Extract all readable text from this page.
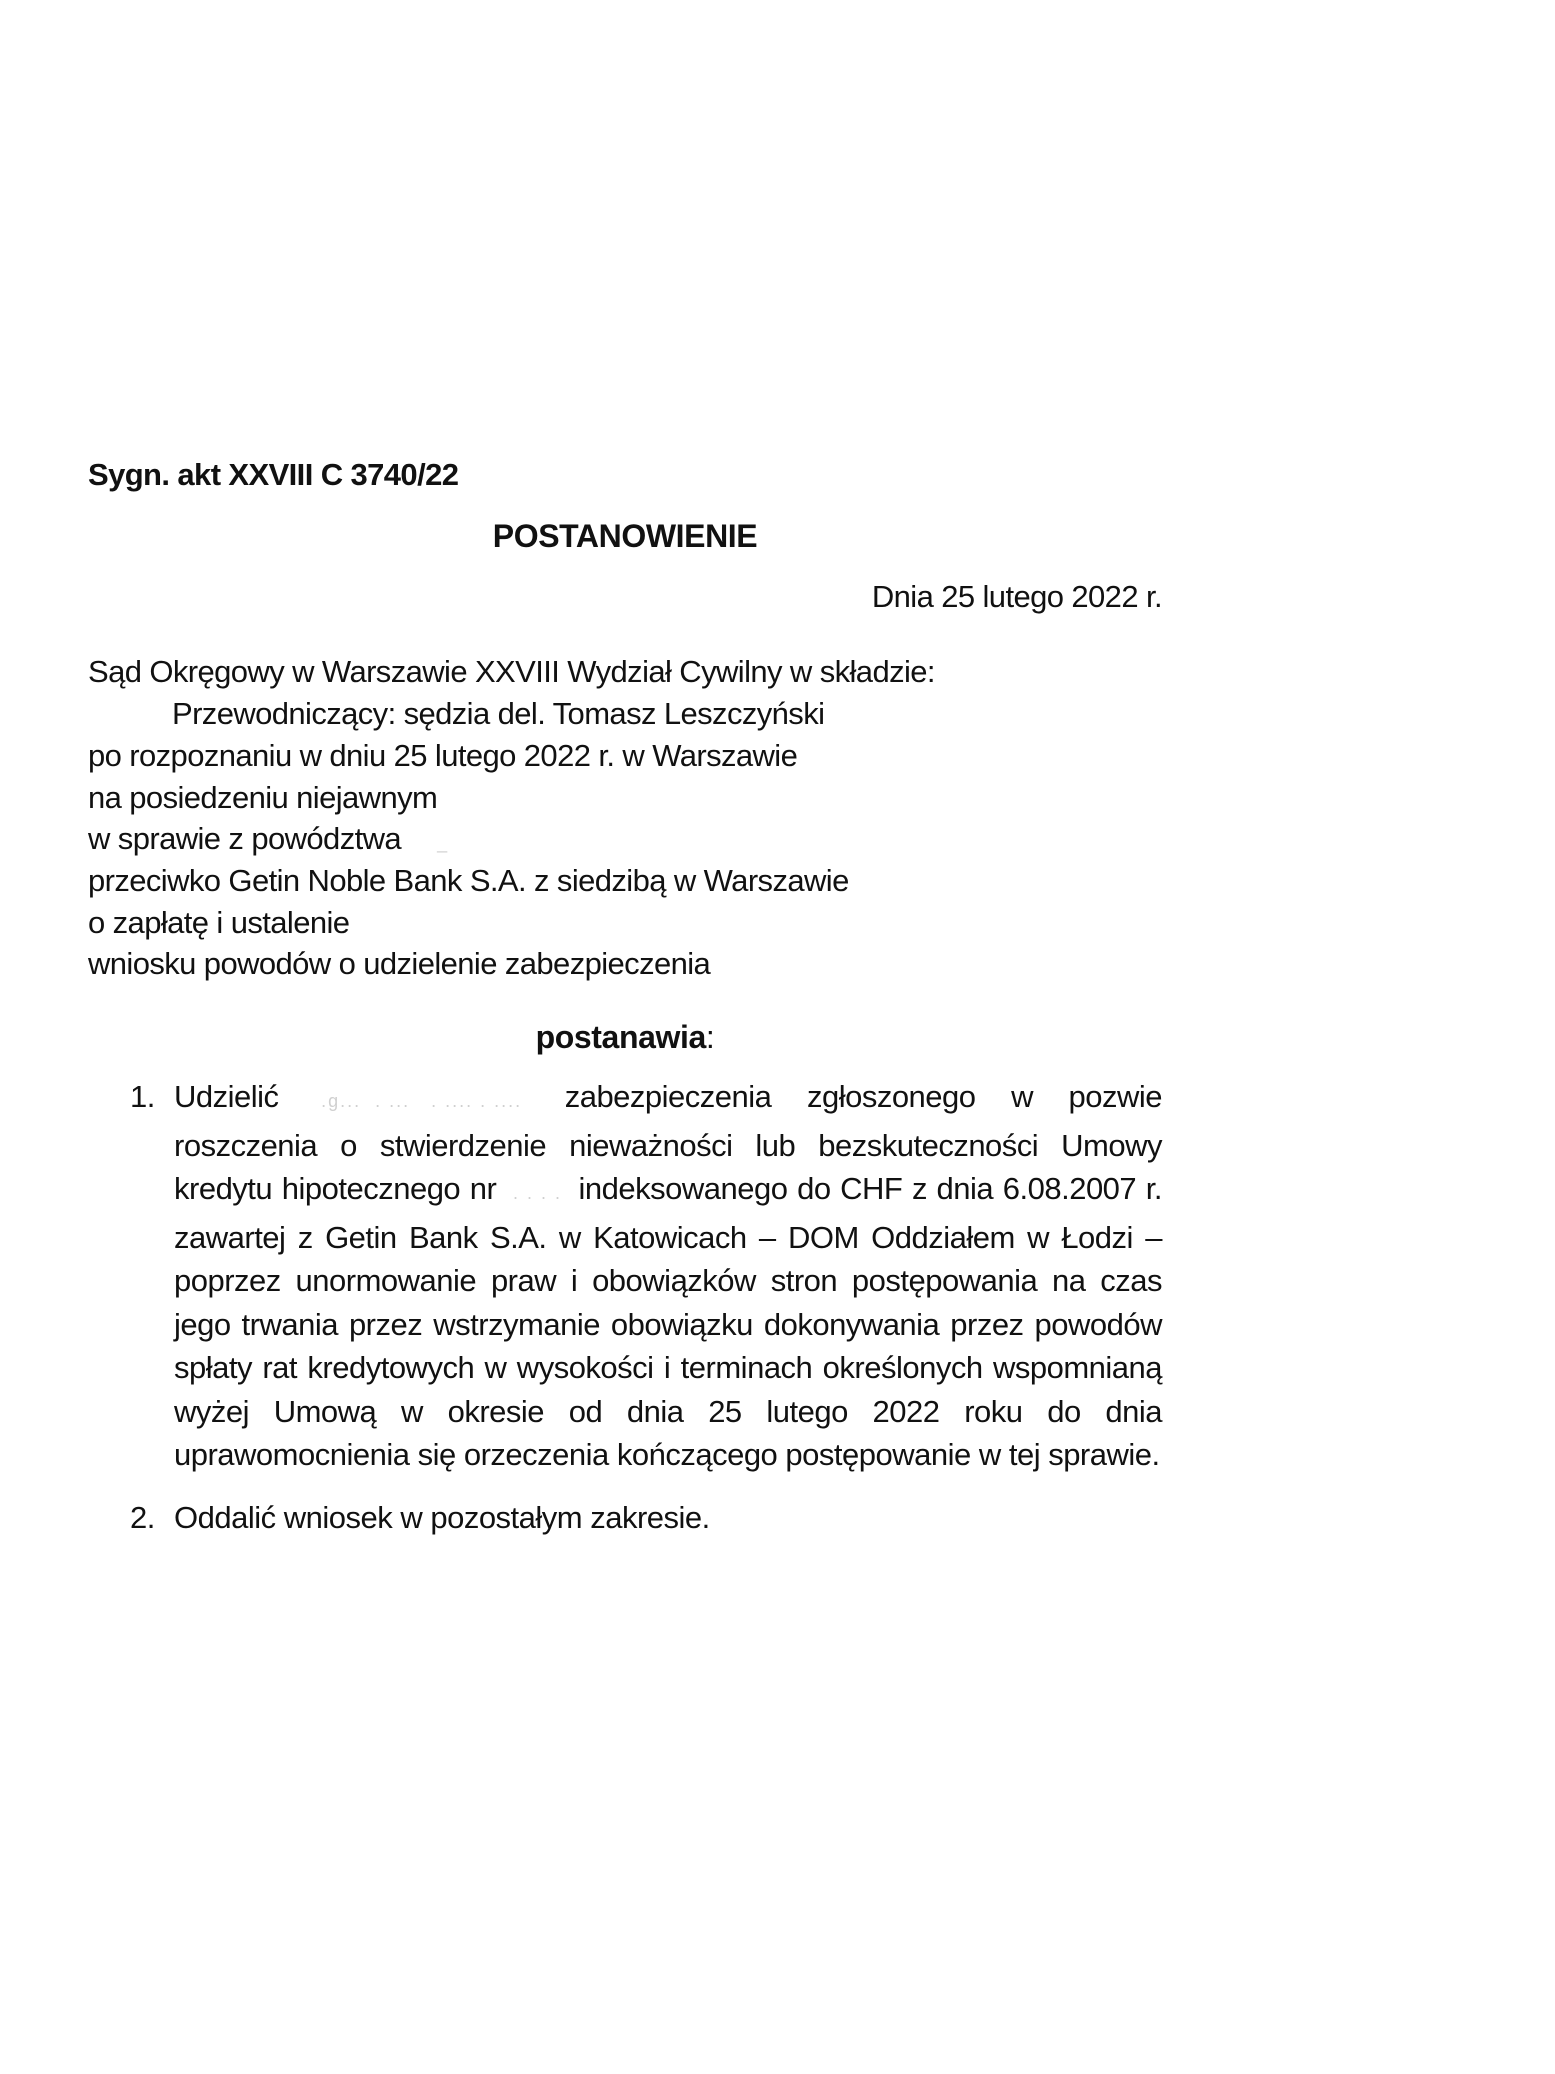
Sygn. akt XXVIII C 3740/22
POSTANOWIENIE
Dnia 25 lutego 2022 r.
Sąd Okręgowy w Warszawie XXVIII Wydział Cywilny w składzie:
Przewodniczący: sędzia del. Tomasz Leszczyński
po rozpoznaniu w dniu 25 lutego 2022 r. w Warszawie
na posiedzeniu niejawnym
w sprawie z powództwa     _
przeciwko Getin Noble Bank S.A. z siedzibą w Warszawie
o zapłatę i ustalenie
wniosku powodów o udzielenie zabezpieczenia
postanawia:
1. Udzielić  .g...  . ...   . .... . ....  zabezpieczenia zgłoszonego w pozwie roszczenia o stwierdzenie nieważności lub bezskuteczności Umowy kredytu hipotecznego nr  . . . .  indeksowanego do CHF z dnia 6.08.2007 r. zawartej z Getin Bank S.A. w Katowicach – DOM Oddziałem w Łodzi – poprzez unormowanie praw i obowiązków stron postępowania na czas jego trwania przez wstrzymanie obowiązku dokonywania przez powodów spłaty rat kredytowych w wysokości i terminach określonych wspomnianą wyżej Umową w okresie od dnia 25 lutego 2022 roku do dnia uprawomocnienia się orzeczenia kończącego postępowanie w tej sprawie.
2. Oddalić wniosek w pozostałym zakresie.
